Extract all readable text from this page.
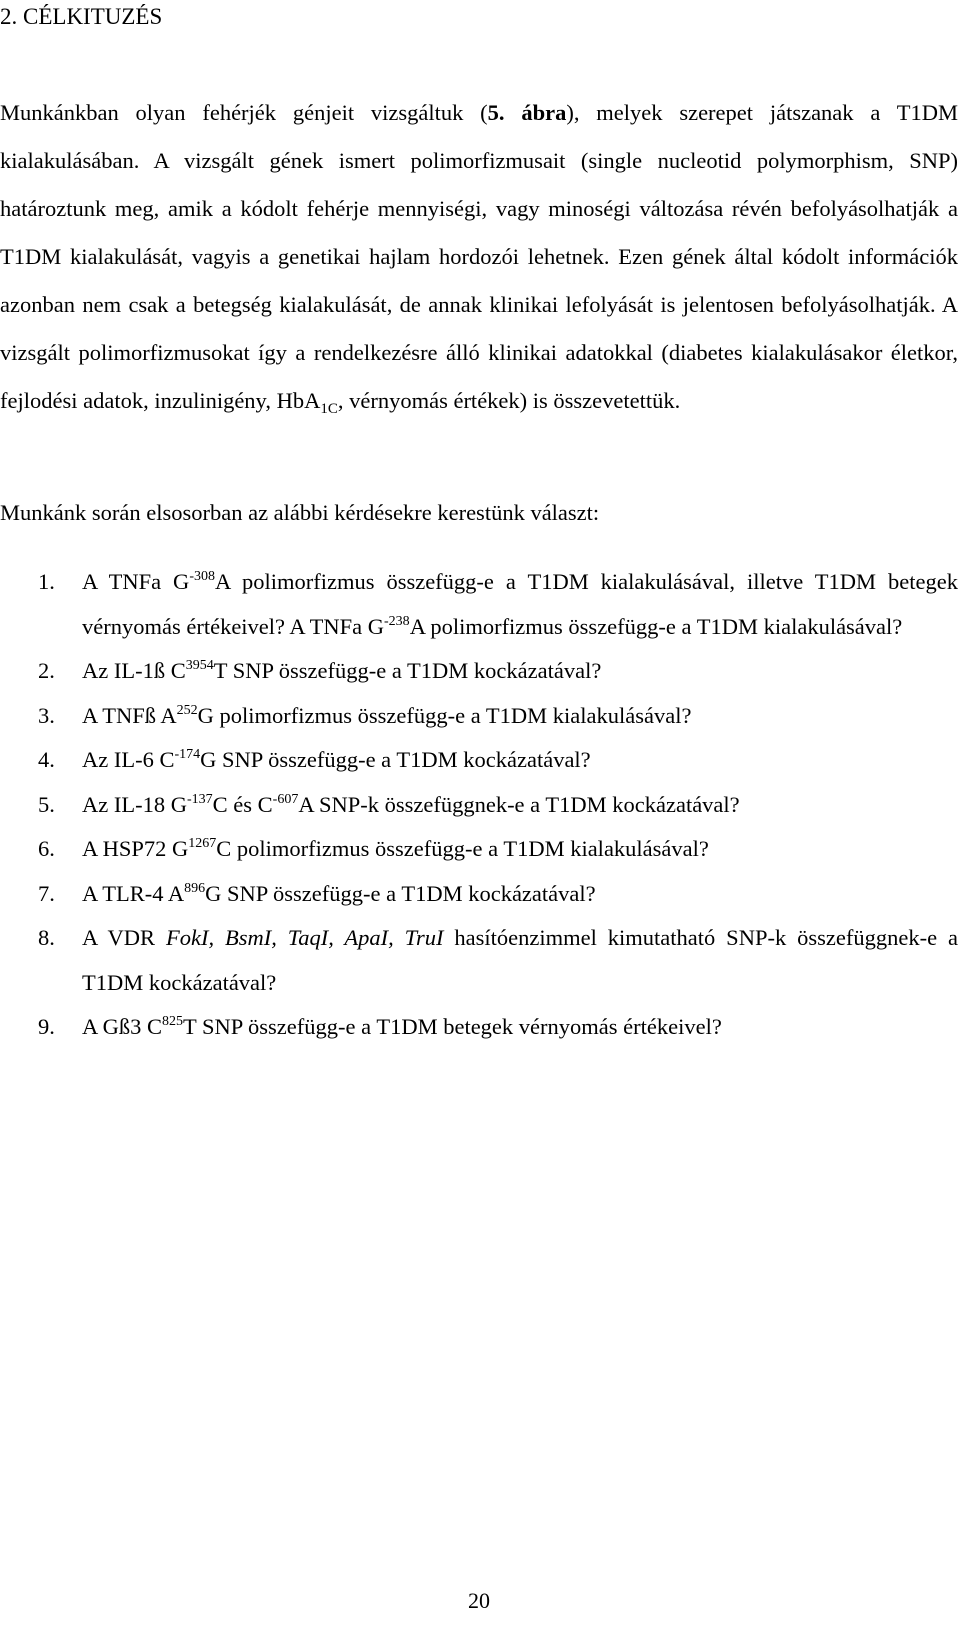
2. CÉLKITUZÉS

Munkánkban olyan fehérjék génjeit vizsgáltuk (5. ábra), melyek szerepet játszanak a T1DM kialakulásában. A vizsgált gének ismert polimorfizmusait (single nucleotid polymorphism, SNP) határoztunk meg, amik a kódolt fehérje mennyiségi, vagy minoségi változása révén befolyásolhatják a T1DM kialakulását, vagyis a genetikai hajlam hordozói lehetnek. Ezen gének által kódolt információk azonban nem csak a betegség kialakulását, de annak klinikai lefolyását is jelentosen befolyásolhatják. A vizsgált polimorfizmusokat így a rendelkezésre álló klinikai adatokkal (diabetes kialakulásakor életkor, fejlodési adatok, inzulinigény, HbA$_{1C}$, vérnyomás értékek) is összevetettük.

Munkánk során elsosorban az alábbi kérdésekre kerestünk választ:

1. A TNFa $G^{-308}A$ polimorfizmus összefügg-e a T1DM kialakulásával, illetve T1DM betegek vérnyomás értékeivel? A TNFa $G^{-238}A$ polimorfizmus összefügg-e a T1DM kialakulásával?
2. Az IL-1ß $C^{3954}T$ SNP összefügg-e a T1DM kockázatával?
3. A TNFß $A^{252}G$ polimorfizmus összefügg-e a T1DM kialakulásával?
4. Az IL-6 $C^{-174}G$ SNP összefügg-e a T1DM kockázatával?
5. Az IL-18 $G^{-137}C$ és $C^{-607}A$ SNP-k összefüggnek-e a T1DM kockázatával?
6. A HSP72 $G^{1267}C$ polimorfizmus összefügg-e a T1DM kialakulásával?
7. A TLR-4 $A^{896}G$ SNP összefügg-e a T1DM kockázatával?
8. A VDR FokI, BsmI, TaqI, ApaI, TruI hasítóenzimmel kimutatható SNP-k összefüggnek-e a T1DM kockázatával?
9. A Gß3 $C^{825}T$ SNP összefügg-e a T1DM betegek vérnyomás értékeivel?
20
